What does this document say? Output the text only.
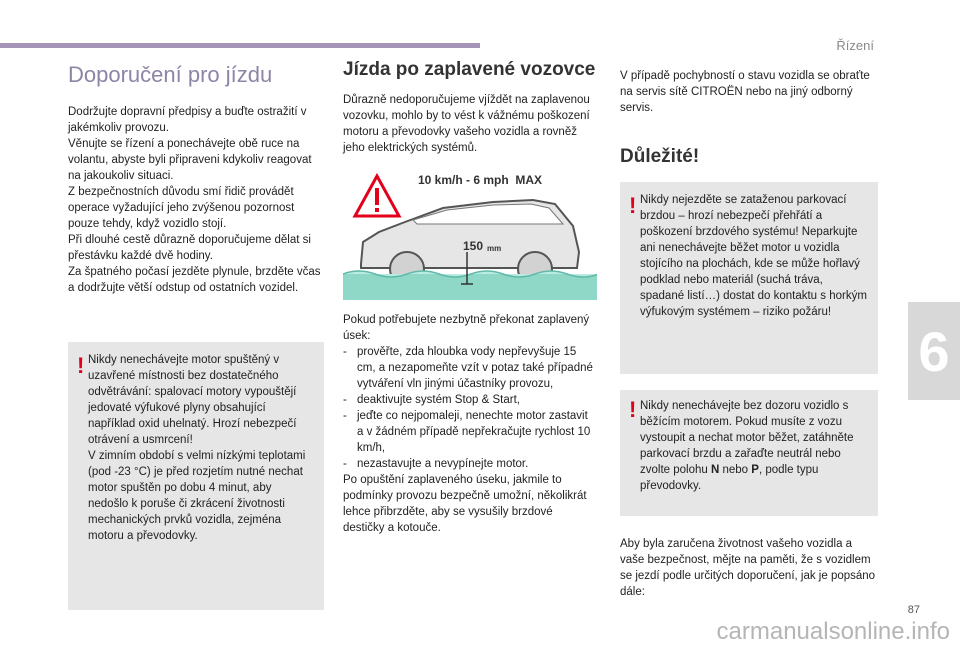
Řízení
6
Doporučení pro jízdu

Dodržujte dopravní předpisy a buďte ostražití v jakémkoliv provozu.

Věnujte se řízení a ponechávejte obě ruce na volantu, abyste byli připraveni kdykoliv reagovat na jakoukoliv situaci.

Z bezpečnostních důvodu smí řidič provádět operace vyžadující jeho zvýšenou pozornost pouze tehdy, když vozidlo stojí.

Při dlouhé cestě důrazně doporučujeme dělat si přestávku každé dvě hodiny.

Za špatného počasí jezděte plynule, brzděte včas a dodržujte větší odstup od ostatních vozidel.

! Nikdy nenechávejte motor spuštěný v uzavřené místnosti bez dostatečného odvětrávání: spalovací motory vypouštějí jedovaté výfukové plyny obsahující například oxid uhelnatý. Hrozí nebezpečí otrávení a usmrcení!

V zimním období s velmi nízkými teplotami (pod -23 °C) je před rozjetím nutné nechat motor spuštěn po dobu 4 minut, aby nedošlo k poruše či zkrácení životnosti mechanických prvků vozidla, zejména motoru a převodovky.

Jízda po zaplavené vozovce

Důrazně nedoporučujeme vjíždět na zaplavenou vozovku, mohlo by to vést k vážnému poškození motoru a převodovky vašeho vozidla a rovněž jeho elektrických systémů.

10 km/h - 6 mph  MAX
150 mm

Pokud potřebujete nezbytně překonat zaplavený úsek:

- prověřte, zda hloubka vody nepřevyšuje 15 cm, a nezapomeňte vzít v potaz také případné vytváření vln jinými účastníky provozu,
- deaktivujte systém Stop & Start,
- jeďte co nejpomaleji, nenechte motor zastavit a v žádném případě nepřekračujte rychlost 10 km/h,
- nezastavujte a nevypínejte motor.

Po opuštění zaplaveného úseku, jakmile to podmínky provozu bezpečně umožní, několikrát lehce přibrzděte, aby se vysušily brzdové destičky a kotouče.

V případě pochybností o stavu vozidla se obraťte na servis sítě CITROËN nebo na jiný odborný servis.

Důležité!
! Nikdy nejezděte se zataženou parkovací brzdou – hrozí nebezpečí přehřátí a poškození brzdového systému! Neparkujte ani nenechávejte běžet motor u vozidla stojícího na plochách, kde se může hořlavý podklad nebo materiál (suchá tráva, spadané listí…) dostat do kontaktu s horkým výfukovým systémem – riziko požáru!

! Nikdy nenechávejte bez dozoru vozidlo s běžícím motorem. Pokud musíte z vozu vystoupit a nechat motor běžet, zatáhněte parkovací brzdu a zařaďte neutrál nebo zvolte polohu N nebo P, podle typu převodovky.

Aby byla zaručena životnost vašeho vozidla a vaše bezpečnost, mějte na paměti, že s vozidlem se jezdí podle určitých doporučení, jak je popsáno dále:

87
carmanualsonline.info
